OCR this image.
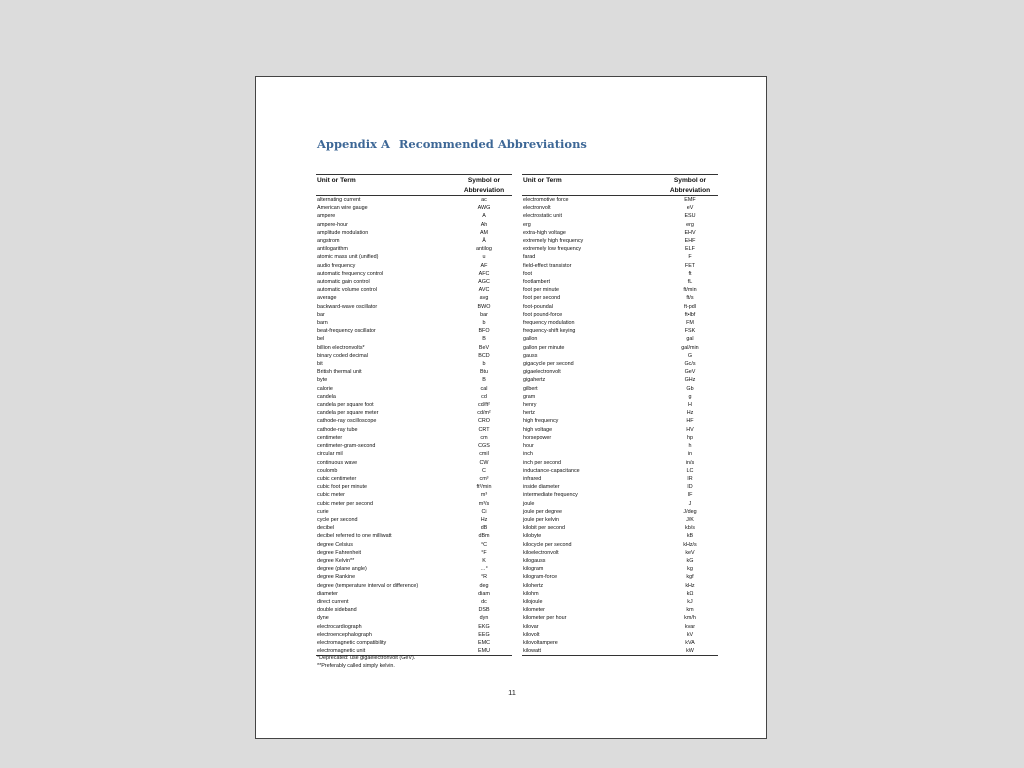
Appendix A Recommended Abbreviations
Unit or Term	Symbol or
Abbreviation
alternating current	ac
American wire gauge	AWG
ampere	A
ampere-hour	Ah
amplitude modulation	AM
angstrom	Å
antilogarithm	antilog
atomic mass unit (unified)	u
audio frequency	AF
automatic frequency control	AFC
automatic gain control	AGC
automatic volume control	AVC
average	avg
backward-wave oscillator	BWO
bar	bar
barn	b
beat-frequency oscillator	BFO
bel	B
billion electronvolts*	BeV
binary coded decimal	BCD
bit	b
British thermal unit	Btu
byte	B
calorie	cal
candela	cd
candela per square foot	cd/ft²
candela per square meter	cd/m²
cathode-ray oscilloscope	CRO
cathode-ray tube	CRT
centimeter	cm
centimeter-gram-second	CGS
circular mil	cmil
continuous wave	CW
coulomb	C
cubic centimeter	cm³
cubic foot per minute	ft³/min
cubic meter	m³
cubic meter per second	m³/s
curie	Ci
cycle per second	Hz
decibel	dB
decibel referred to one milliwatt	dBm
degree Celsius	°C
degree Fahrenheit	°F
degree Kelvin**	K
degree (plane angle)	…°
degree Rankine	°R
degree (temperature interval or difference)	deg
diameter	diam
direct current	dc
double sideband	DSB
dyne	dyn
electrocardiograph	EKG
electroencephalograph	EEG
electromagnetic compatibility	EMC
electromagnetic unit	EMU
Unit or Term	Symbol or
Abbreviation
electromotive force	EMF
electronvolt	eV
electrostatic unit	ESU
erg	erg
extra-high voltage	EHV
extremely high frequency	EHF
extremely low frequency	ELF
farad	F
field-effect transistor	FET
foot	ft
footlambert	fL
foot per minute	ft/min
foot per second	ft/s
foot-poundal	ft-pdl
foot pound-force	ft•lbf
frequency modulation	FM
frequency-shift keying	FSK
gallon	gal
gallon per minute	gal/min
gauss	G
gigacycle per second	Gc/s
gigaelectronvolt	GeV
gigahertz	GHz
gilbert	Gb
gram	g
henry	H
hertz	Hz
high frequency	HF
high voltage	HV
horsepower	hp
hour	h
inch	in
inch per second	in/s
inductance-capacitance	LC
infrared	IR
inside diameter	ID
intermediate frequency	IF
joule	J
joule per degree	J/deg
joule per kelvin	J/K
kilobit per second	kb/s
kilobyte	kB
kilocycle per second	kHz/s
kiloelectronvolt	keV
kilogauss	kG
kilogram	kg
kilogram-force	kgf
kilohertz	kHz
kilohm	kΩ
kilojoule	kJ
kilometer	km
kilometer per hour	km/h
kilovar	kvar
kilovolt	kV
kilovoltampere	kVA
kilowatt	kW
*Deprecated: use gigaelectronvolt (GeV).
**Preferably called simply kelvin.
11
